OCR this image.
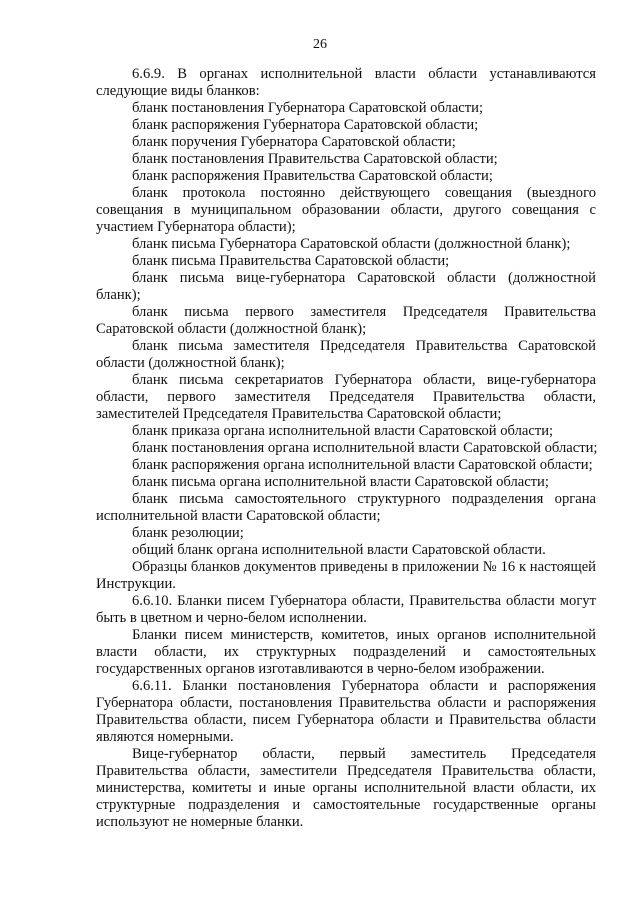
26

6.6.9. В органах исполнительной власти области устанавливаются следующие виды бланков:

бланк постановления Губернатора Саратовской области;

бланк распоряжения Губернатора Саратовской области;

бланк поручения Губернатора Саратовской области;

бланк постановления Правительства Саратовской области;

бланк распоряжения Правительства Саратовской области;

бланк протокола постоянно действующего совещания (выездного совещания в муниципальном образовании области, другого совещания с участием Губернатора области);

бланк письма Губернатора Саратовской области (должностной бланк);

бланк письма Правительства Саратовской области;

бланк письма вице-губернатора Саратовской области (должностной бланк);

бланк письма первого заместителя Председателя Правительства Саратовской области (должностной бланк);

бланк письма заместителя Председателя Правительства Саратовской области (должностной бланк);

бланк письма секретариатов Губернатора области, вице-губернатора области, первого заместителя Председателя Правительства области, заместителей Председателя Правительства Саратовской области;

бланк приказа органа исполнительной власти Саратовской области;

бланк постановления органа исполнительной власти Саратовской области;

бланк распоряжения органа исполнительной власти Саратовской области;

бланк письма органа исполнительной власти Саратовской области;

бланк письма самостоятельного структурного подразделения органа исполнительной власти Саратовской области;

бланк резолюции;

общий бланк органа исполнительной власти Саратовской области.

Образцы бланков документов приведены в приложении № 16 к настоящей Инструкции.

6.6.10. Бланки писем Губернатора области, Правительства области могут быть в цветном и черно-белом исполнении.

Бланки писем министерств, комитетов, иных органов исполнительной власти области, их структурных подразделений и самостоятельных государственных органов изготавливаются в черно-белом изображении.

6.6.11. Бланки постановления Губернатора области и распоряжения Губернатора области, постановления Правительства области и распоряжения Правительства области, писем Губернатора области и Правительства области являются номерными.

Вице-губернатор области, первый заместитель Председателя Правительства области, заместители Председателя Правительства области, министерства, комитеты и иные органы исполнительной власти области, их структурные подразделения и самостоятельные государственные органы используют не номерные бланки.
